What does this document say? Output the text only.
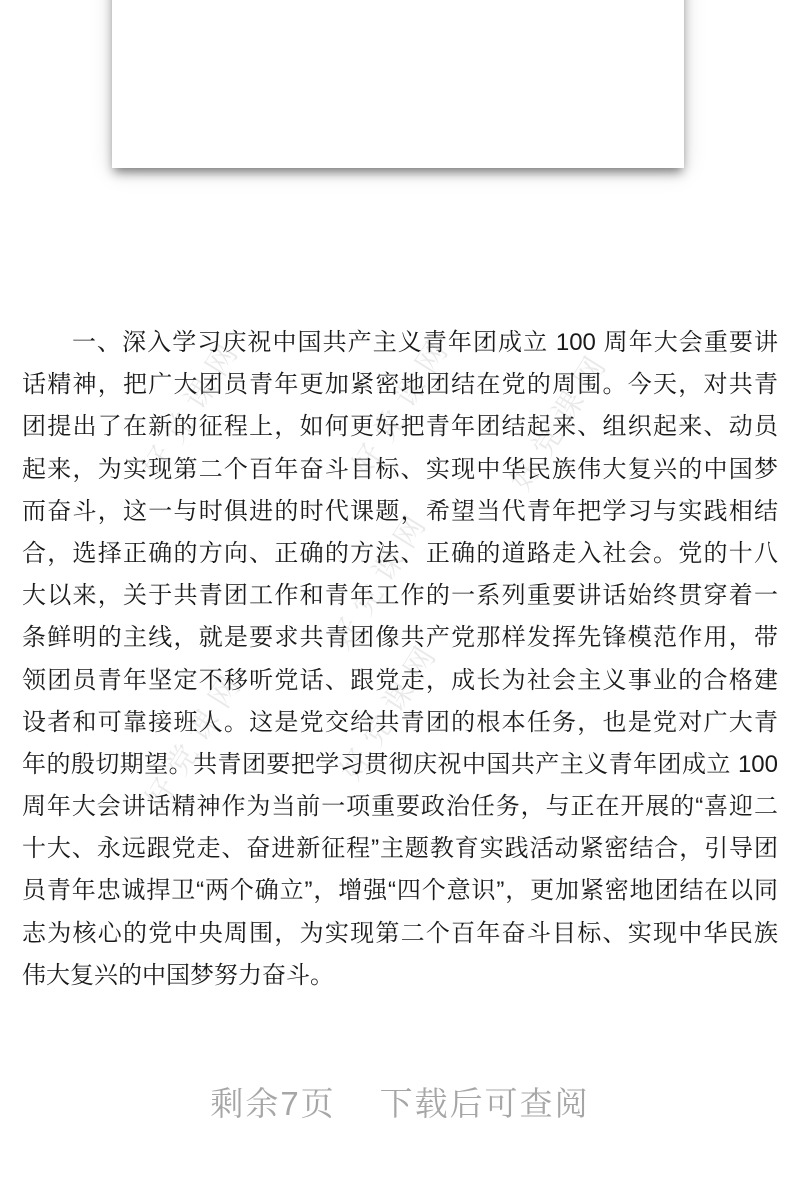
好党课网	好党课网 好党课网
好党课网
好党课网	好党课网
一、深入学习庆祝中国共产主义青年团成立 100 周年大会重要讲
话精神，把广大团员青年更加紧密地团结在党的周围。今天，对共青
团提出了在新的征程上，如何更好把青年团结起来、组织起来、动员
起来，为实现第二个百年奋斗目标、实现中华民族伟大复兴的中国梦
而奋斗，这一与时俱进的时代课题，希望当代青年把学习与实践相结
合，选择正确的方向、正确的方法、正确的道路走入社会。党的十八
大以来，关于共青团工作和青年工作的一系列重要讲话始终贯穿着一
条鲜明的主线，就是要求共青团像共产党那样发挥先锋模范作用，带
领团员青年坚定不移听党话、跟党走，成长为社会主义事业的合格建
设者和可靠接班人。这是党交给共青团的根本任务，也是党对广大青
年的殷切期望。共青团要把学习贯彻庆祝中国共产主义青年团成立 100
周年大会讲话精神作为当前一项重要政治任务，与正在开展的“喜迎二
十大、永远跟党走、奋进新征程”主题教育实践活动紧密结合，引导团
员青年忠诚捍卫“两个确立”，增强“四个意识”，更加紧密地团结在以同
志为核心的党中央周围，为实现第二个百年奋斗目标、实现中华民族
伟大复兴的中国梦努力奋斗。
剩余7页 下载后可查阅
